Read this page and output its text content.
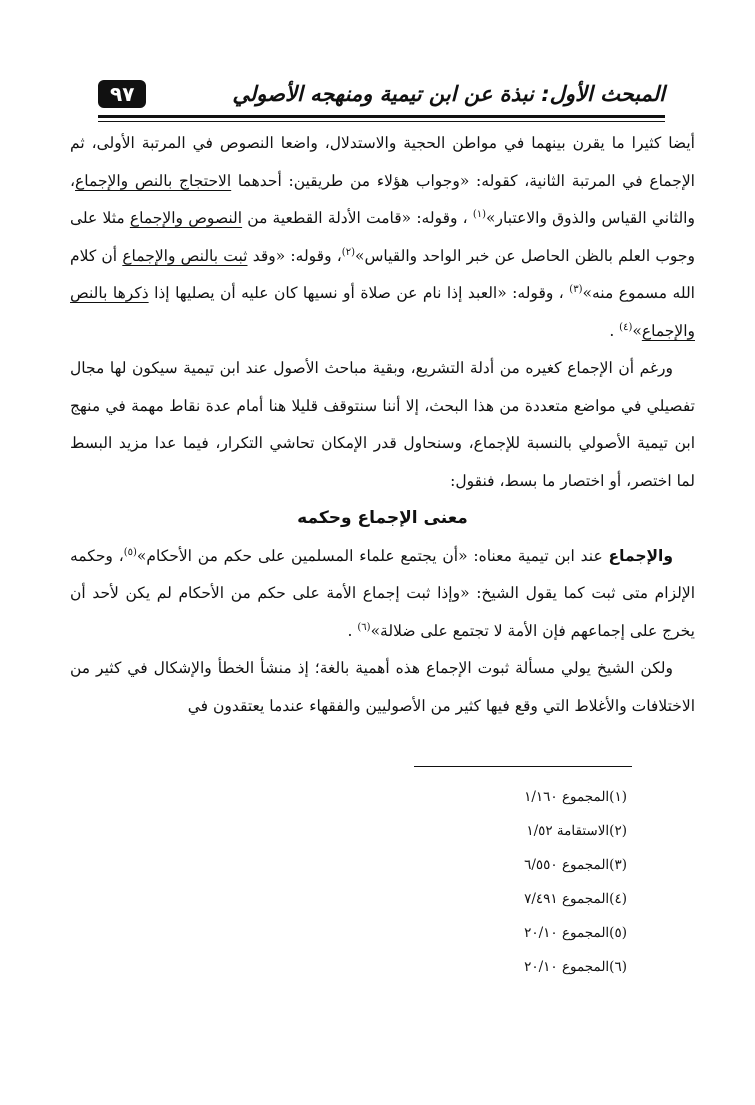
المبحث الأول: نبذة عن ابن تيمية ومنهجه الأصولي
٩٧

أيضا كثيرا ما يقرن بينهما في مواطن الحجية والاستدلال، واضعا النصوص في المرتبة الأولى، ثم الإجماع في المرتبة الثانية، كقوله: «وجواب هؤلاء من طريقين: أحدهما الاحتجاج بالنص والإجماع، والثاني القياس والذوق والاعتبار»$^{(١)}$ ، وقوله: «قامت الأدلة القطعية من النصوص والإجماع مثلا على وجوب العلم بالظن الحاصل عن خبر الواحد والقياس»$^{(٢)}$، وقوله: «وقد ثبت بالنص والإجماع أن كلام الله مسموع منه»$^{(٣)}$ ، وقوله: «العبد إذا نام عن صلاة أو نسيها كان عليه أن يصليها إذا ذكرها بالنص والإجماع»$^{(٤)}$ .

ورغم أن الإجماع كغيره من أدلة التشريع، وبقية مباحث الأصول عند ابن تيمية سيكون لها مجال تفصيلي في مواضع متعددة من هذا البحث، إلا أننا سنتوقف قليلا هنا أمام عدة نقاط مهمة في منهج ابن تيمية الأصولي بالنسبة للإجماع، وسنحاول قدر الإمكان تحاشي التكرار، فيما عدا مزيد البسط لما اختصر، أو اختصار ما بسط، فنقول:

معنى الإجماع وحكمه

والإجماع عند ابن تيمية معناه: «أن يجتمع علماء المسلمين على حكم من الأحكام»$^{(٥)}$، وحكمه الإلزام متى ثبت كما يقول الشيخ: «وإذا ثبت إجماع الأمة على حكم من الأحكام لم يكن لأحد أن يخرج على إجماعهم فإن الأمة لا تجتمع على ضلالة»$^{(٦)}$ .

ولكن الشيخ يولي مسألة ثبوت الإجماع هذه أهمية بالغة؛ إذ منشأ الخطأ والإشكال في كثير من الاختلافات والأغلاط التي وقع فيها كثير من الأصوليين والفقهاء عندما يعتقدون في

(١)المجموع ١/١٦٠

(٢)الاستقامة ١/٥٢

(٣)المجموع ٦/٥٥٠

(٤)المجموع ٧/٤٩١

(٥)المجموع ٢٠/١٠

(٦)المجموع ٢٠/١٠
